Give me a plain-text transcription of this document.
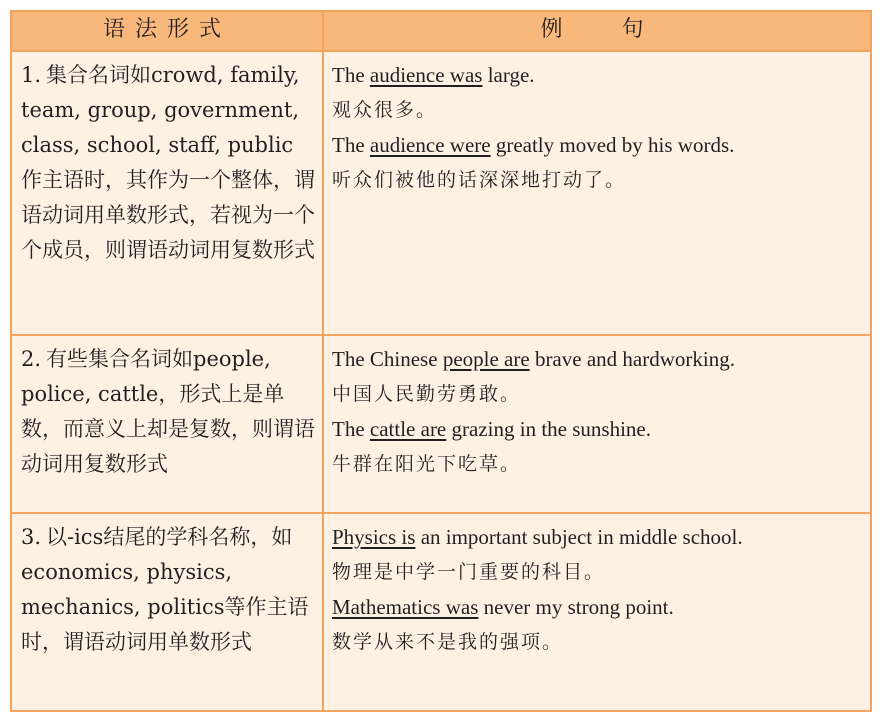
语法形式	例　 句
1. 集合名词如crowd, family, team, group, government, class, school, staff, public 作主语时，其作为一个整体，谓语动词用单数形式，若视为一个个成员，则谓语动词用复数形式	The audience was large.
观众很多。
The audience were greatly moved by his words.
听众们被他的话深深地打动了。

2. 有些集合名词如people, police, cattle，形式上是单数，而意义上却是复数，则谓语动词用复数形式	The Chinese people are brave and hardworking.
中国人民勤劳勇敢。
The cattle are grazing in the sunshine.
牛群在阳光下吃草。

3. 以-ics结尾的学科名称，如economics, physics, mechanics, politics等作主语时，谓语动词用单数形式	Physics is an important subject in middle school.
物理是中学一门重要的科目。
Mathematics was never my strong point.
数学从来不是我的强项。
